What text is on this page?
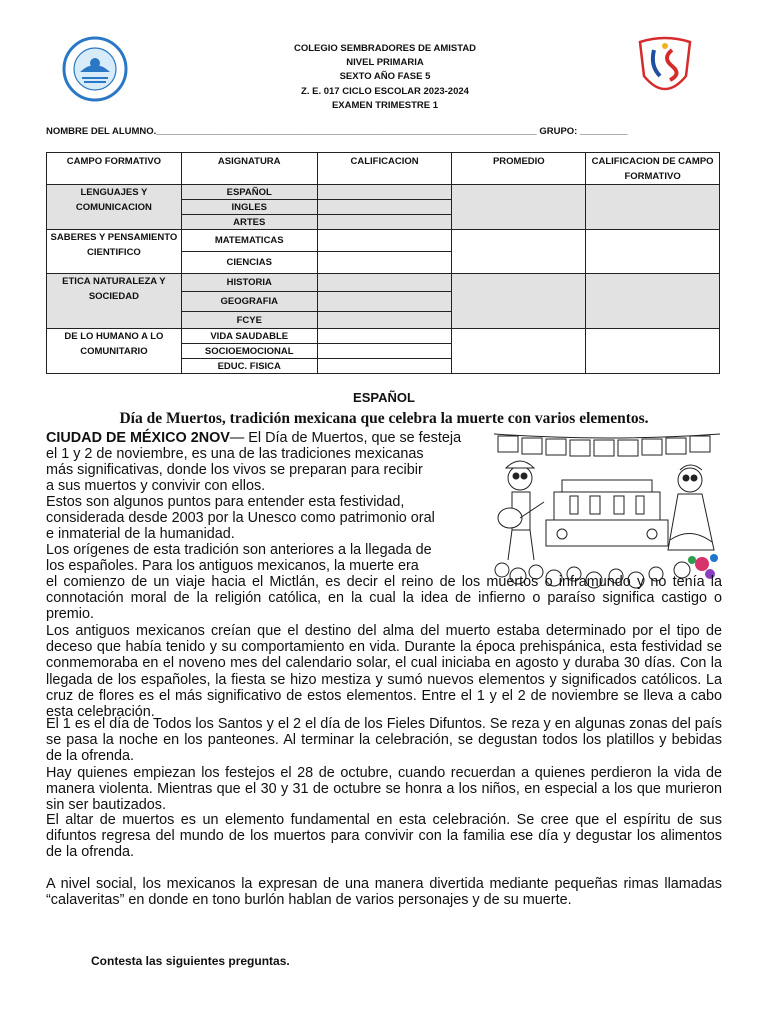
COLEGIO SEMBRADORES DE AMISTAD
NIVEL PRIMARIA
SEXTO AÑO FASE 5
Z. E. 017 CICLO ESCOLAR 2023-2024
EXAMEN TRIMESTRE 1
NOMBRE DEL ALUMNO.________________________________________________________________________ GRUPO: _________
CAMPO FORMATIVO	ASIGNATURA	CALIFICACION	PROMEDIO	CALIFICACION DE CAMPO FORMATIVO
LENGUAJES Y COMUNICACION	ESPAÑOL			
	INGLES			
	ARTES			
SABERES Y PENSAMIENTO CIENTIFICO	MATEMATICAS			
	CIENCIAS			
ETICA NATURALEZA Y SOCIEDAD	HISTORIA			
	GEOGRAFIA			
	FCYE			
DE LO HUMANO A LO COMUNITARIO	VIDA SAUDABLE			
	SOCIOEMOCIONAL			
	EDUC. FISICA			
ESPAÑOL
Día de Muertos, tradición mexicana que celebra la muerte con varios elementos.
CIUDAD DE MÉXICO 2NOV— El Día de Muertos, que se festeja
el 1 y 2 de noviembre, es una de las tradiciones mexicanas
más significativas, donde los vivos se preparan para recibir
a sus muertos y convivir con ellos.
Estos son algunos puntos para entender esta festividad,
considerada desde 2003 por la Unesco como patrimonio oral
e inmaterial de la humanidad.
Los orígenes de esta tradición son anteriores a la llegada de
los españoles. Para los antiguos mexicanos, la muerte era
el comienzo de un viaje hacia el Mictlán, es decir el reino de los muertos o inframundo y no tenía la connotación moral de la religión católica, en la cual la idea de infierno o paraíso significa castigo o premio.
Los antiguos mexicanos creían que el destino del alma del muerto estaba determinado por el tipo de deceso que había tenido y su comportamiento en vida. Durante la época prehispánica, esta festividad se conmemoraba en el noveno mes del calendario solar, el cual iniciaba en agosto y duraba 30 días. Con la llegada de los españoles, la fiesta se hizo mestiza y sumó nuevos elementos y significados católicos. La cruz de flores es el más significativo de estos elementos. Entre el 1 y el 2 de noviembre se lleva a cabo esta celebración.
El 1 es el día de Todos los Santos y el 2 el día de los Fieles Difuntos. Se reza y en algunas zonas del país se pasa la noche en los panteones. Al terminar la celebración, se degustan todos los platillos y bebidas de la ofrenda.
Hay quienes empiezan los festejos el 28 de octubre, cuando recuerdan a quienes perdieron la vida de manera violenta. Mientras que el 30 y 31 de octubre se honra a los niños, en especial a los que murieron sin ser bautizados.
El altar de muertos es un elemento fundamental en esta celebración. Se cree que el espíritu de sus difuntos regresa del mundo de los muertos para convivir con la familia ese día y degustar los alimentos de la ofrenda.
A nivel social, los mexicanos la expresan de una manera divertida mediante pequeñas rimas llamadas “calaveritas” en donde en tono burlón hablan de varios personajes y de su muerte.
Contesta las siguientes preguntas.
